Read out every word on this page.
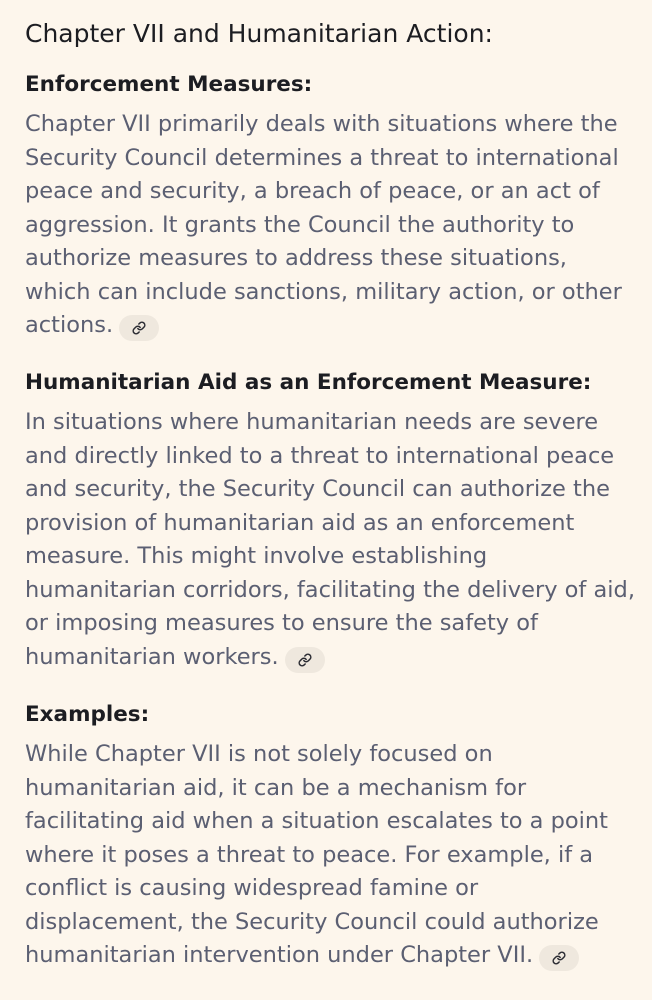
Chapter VII and Humanitarian Action:
Enforcement Measures:

Chapter VII primarily deals with situations where the Security Council determines a threat to international peace and security, a breach of peace, or an act of aggression. It grants the Council the authority to authorize measures to address these situations, which can include sanctions, military action, or other actions.

Humanitarian Aid as an Enforcement Measure:

In situations where humanitarian needs are severe and directly linked to a threat to international peace and security, the Security Council can authorize the provision of humanitarian aid as an enforcement measure. This might involve establishing humanitarian corridors, facilitating the delivery of aid, or imposing measures to ensure the safety of humanitarian workers.

Examples:

While Chapter VII is not solely focused on humanitarian aid, it can be a mechanism for facilitating aid when a situation escalates to a point where it poses a threat to peace. For example, if a conflict is causing widespread famine or displacement, the Security Council could authorize humanitarian intervention under Chapter VII.
